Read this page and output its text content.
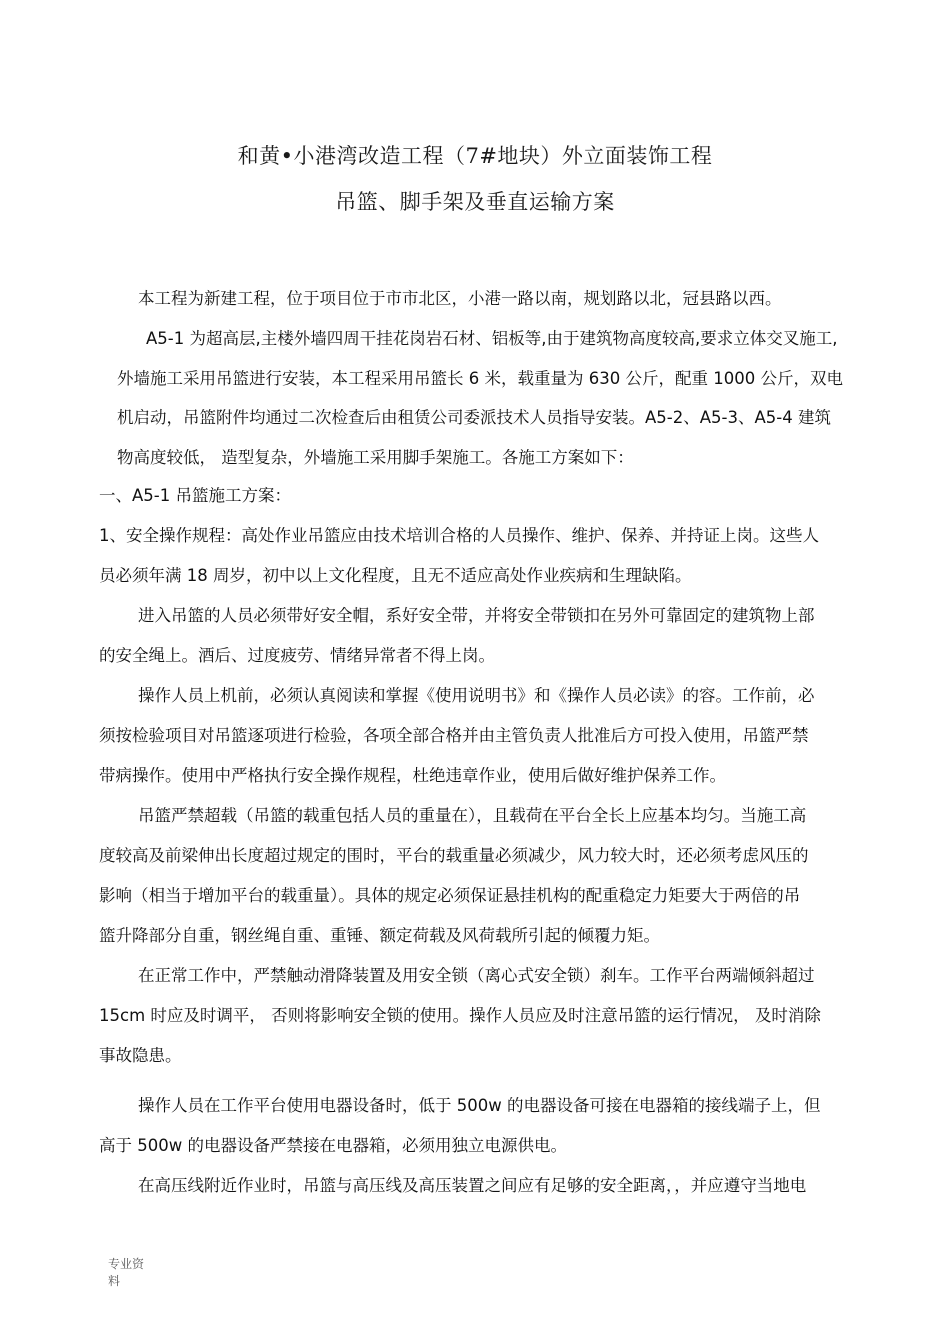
和黄•小港湾改造工程（7#地块）外立面装饰工程
吊篮、脚手架及垂直运输方案
本工程为新建工程，位于项目位于市市北区，小港一路以南，规划路以北，冠县路以西。
A5-1 为超高层,主楼外墙四周干挂花岗岩石材、铝板等,由于建筑物高度较高,要求立体交叉施工,
外墙施工采用吊篮进行安装，本工程采用吊篮长 6 米，载重量为 630 公斤，配重 1000 公斤，双电
机启动，吊篮附件均通过二次检查后由租赁公司委派技术人员指导安装。A5-2、A5-3、A5-4 建筑
物高度较低， 造型复杂，外墙施工采用脚手架施工。各施工方案如下：
一、A5-1 吊篮施工方案：
1、安全操作规程：高处作业吊篮应由技术培训合格的人员操作、维护、保养、并持证上岗。这些人
员必须年满 18 周岁，初中以上文化程度，且无不适应高处作业疾病和生理缺陷。
进入吊篮的人员必须带好安全帽，系好安全带，并将安全带锁扣在另外可靠固定的建筑物上部
的安全绳上。酒后、过度疲劳、情绪异常者不得上岗。
操作人员上机前，必须认真阅读和掌握《使用说明书》和《操作人员必读》的容。工作前，必
须按检验项目对吊篮逐项进行检验，各项全部合格并由主管负责人批准后方可投入使用，吊篮严禁
带病操作。使用中严格执行安全操作规程，杜绝违章作业，使用后做好维护保养工作。
吊篮严禁超载（吊篮的载重包括人员的重量在），且载荷在平台全长上应基本均匀。当施工高
度较高及前梁伸出长度超过规定的围时，平台的载重量必须减少，风力较大时，还必须考虑风压的
影响（相当于增加平台的载重量）。具体的规定必须保证悬挂机构的配重稳定力矩要大于两倍的吊
篮升降部分自重，钢丝绳自重、重锤、额定荷载及风荷载所引起的倾覆力矩。
在正常工作中，严禁触动滑降装置及用安全锁（离心式安全锁）刹车。工作平台两端倾斜超过
15cm 时应及时调平， 否则将影响安全锁的使用。操作人员应及时注意吊篮的运行情况， 及时消除
事故隐患。
操作人员在工作平台使用电器设备时，低于 500w 的电器设备可接在电器箱的接线端子上，但
高于 500w 的电器设备严禁接在电器箱，必须用独立电源供电。
在高压线附近作业时，吊篮与高压线及高压装置之间应有足够的安全距离，，并应遵守当地电
专业资
料
